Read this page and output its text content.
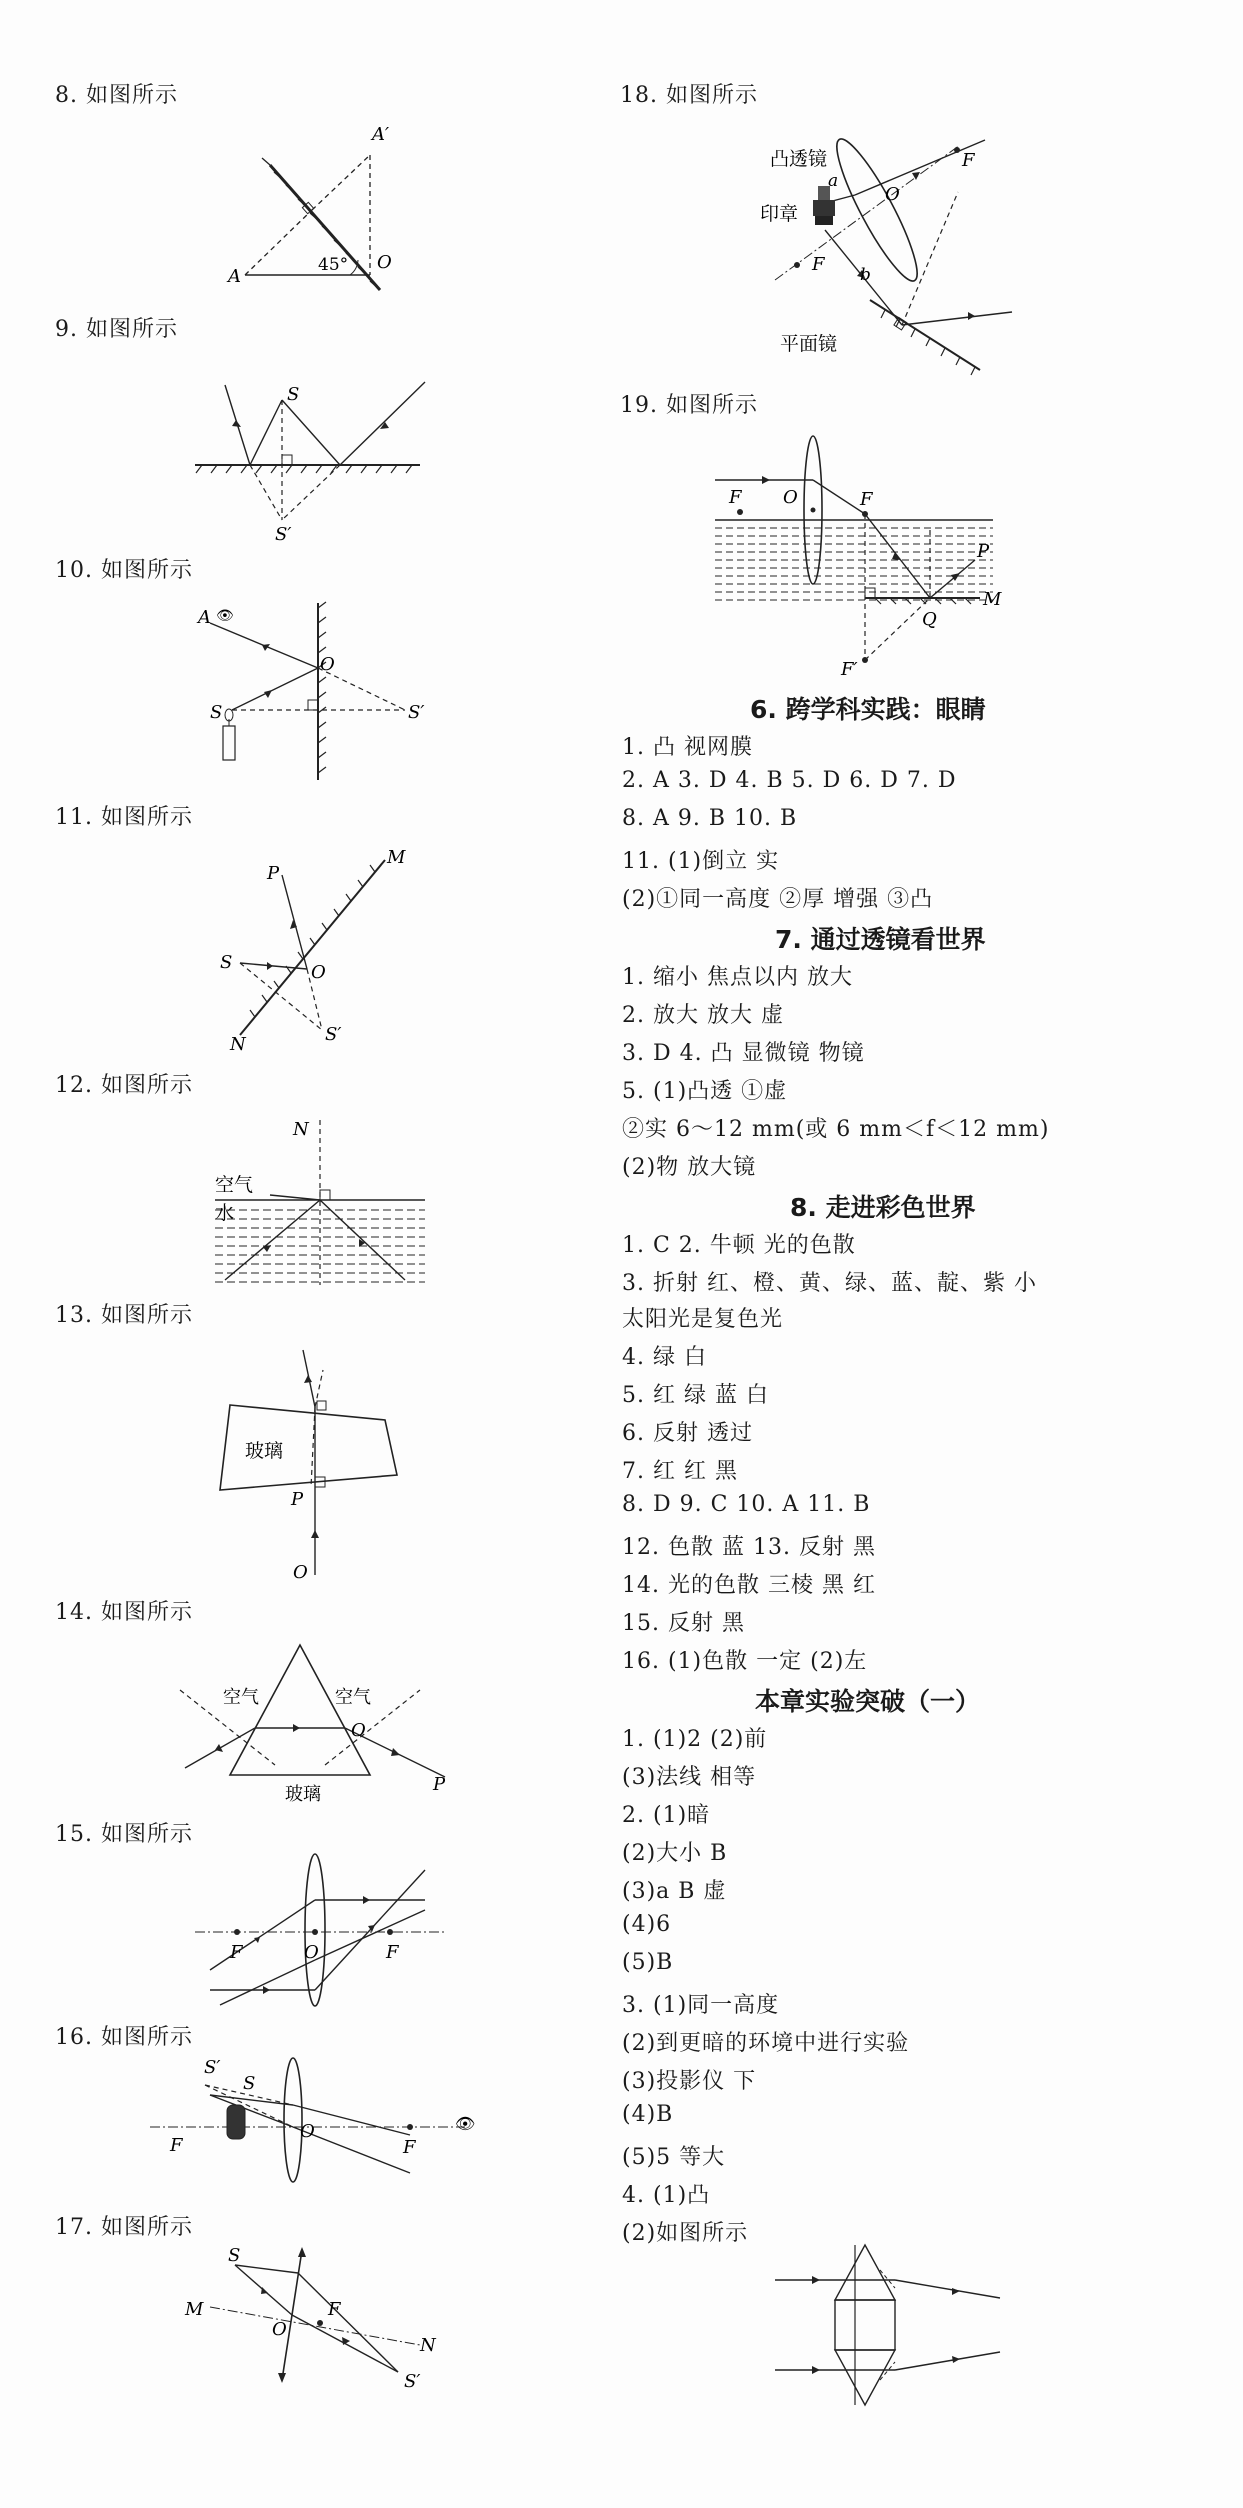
8. 如图所示
A′
A
O
45°
9. 如图所示
S
S′
10. 如图所示
A 👁
O
S	S′
11. 如图所示
P
M
S	O
N	S′
12. 如图所示
N
空气
水
13. 如图所示
玻璃
P
O
14. 如图所示
空气	空气
O
玻璃	P
15. 如图所示
F	O	F
16. 如图所示
S′
S
F
O
F
👁
17. 如图所示
S
M
O
F
N
S′
18. 如图所示
凸透镜
印章
平面镜
a
b
O
F
F
19. 如图所示
F O	F
P
M
Q
F′
6. 跨学科实践：眼睛
1. 凸 视网膜
2. A 3. D 4. B 5. D 6. D 7. D
8. A 9. B 10. B
11. (1)倒立 实
(2)①同一高度 ②厚 增强 ③凸
7. 通过透镜看世界
1. 缩小 焦点以内 放大
2. 放大 放大 虚
3. D 4. 凸 显微镜 物镜
5. (1)凸透 ①虚
②实 6～12 mm(或 6 mm＜f＜12 mm)
(2)物 放大镜
8. 走进彩色世界
1. C 2. 牛顿 光的色散
3. 折射 红、橙、黄、绿、蓝、靛、紫 小
太阳光是复色光
4. 绿 白
5. 红 绿 蓝 白
6. 反射 透过
7. 红 红 黑
8. D 9. C 10. A 11. B
12. 色散 蓝 13. 反射 黑
14. 光的色散 三棱 黑 红
15. 反射 黑
16. (1)色散 一定 (2)左
本章实验突破（一）
1. (1)2 (2)前
(3)法线 相等
2. (1)暗
(2)大小 B
(3)a B 虚
(4)6
(5)B
3. (1)同一高度
(2)到更暗的环境中进行实验
(3)投影仪 下
(4)B
(5)5 等大
4. (1)凸
(2)如图所示
